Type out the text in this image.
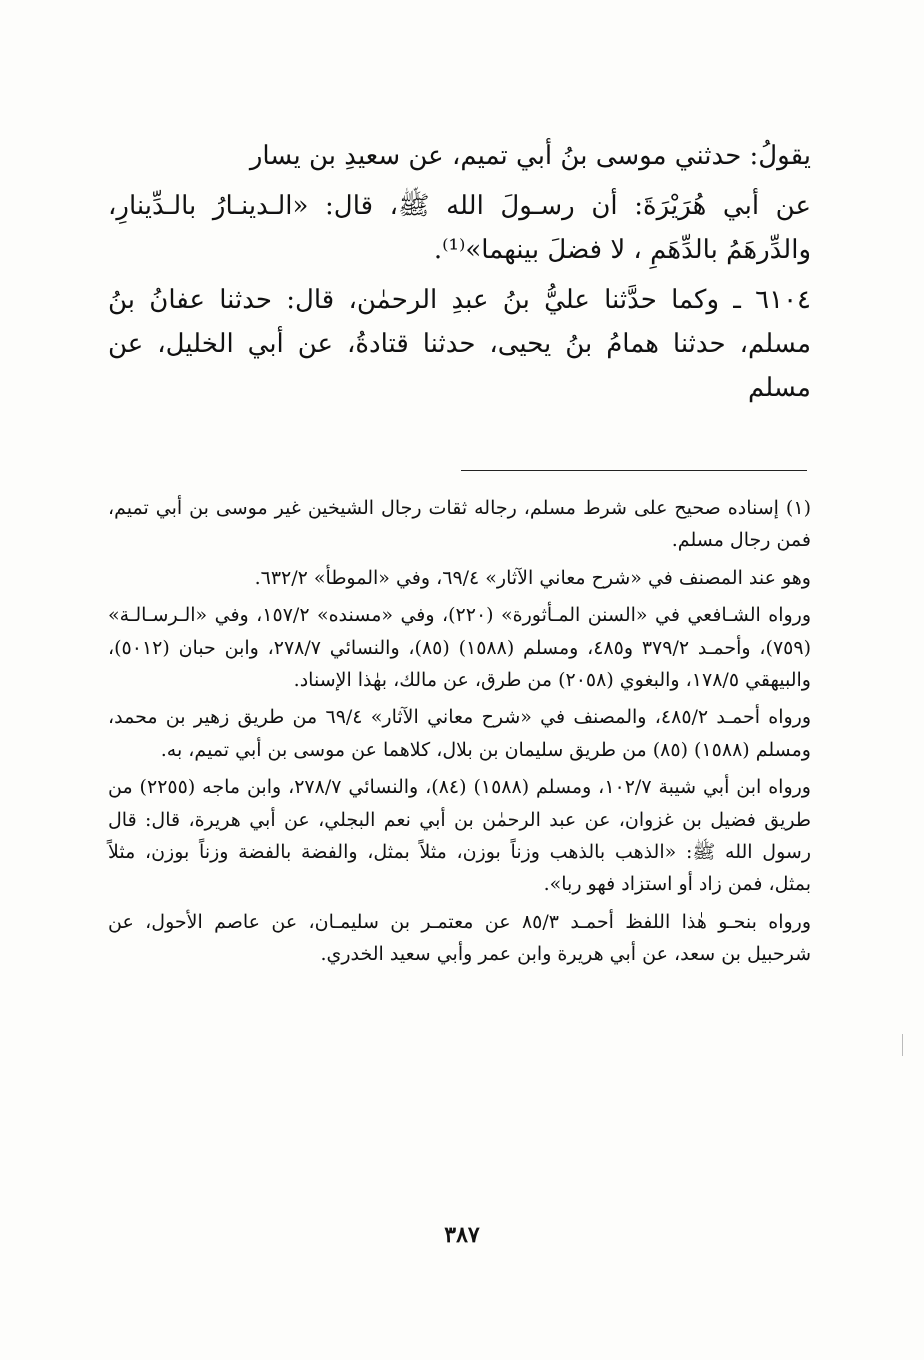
يقولُ: حدثني موسى بنُ أبي تميم، عن سعيدِ بن يسار

عن أبي هُرَيْرَةَ: أن رسـولَ الله ﷺ، قال: «الـدينـارُ بالـدِّينارِ، والدِّرهَمُ بالدِّهَمِ ، لا فضلَ بينهما»⁽¹⁾.

٦١٠٤ ـ وكما حدَّثنا عليُّ بنُ عبدِ الرحمٰن، قال: حدثنا عفانُ بنُ مسلم، حدثنا همامُ بنُ يحيى، حدثنا قتادةُ، عن أبي الخليل، عن مسلم

(١) إسناده صحيح على شرط مسلم، رجاله ثقات رجال الشيخين غير موسى بن أبي تميم، فمن رجال مسلم.

وهو عند المصنف في «شرح معاني الآثار» ٦٩/٤، وفي «الموطأ» ٦٣٢/٢.

ورواه الشـافعي في «السنن المـأثورة» (٢٢٠)، وفي «مسنده» ١٥٧/٢، وفي «الـرسـالـة» (٧٥٩)، وأحمـد ٣٧٩/٢ و٤٨٥، ومسلم (١٥٨٨) (٨٥)، والنسائي ٢٧٨/٧، وابن حبان (٥٠١٢)، والبيهقي ١٧٨/٥، والبغوي (٢٠٥٨) من طرق، عن مالك، بهٰذا الإسناد.

ورواه أحمـد ٤٨٥/٢، والمصنف في «شرح معاني الآثار» ٦٩/٤ من طريق زهير بن محمد، ومسلم (١٥٨٨) (٨٥) من طريق سليمان بن بلال، كلاهما عن موسى بن أبي تميم، به.

ورواه ابن أبي شيبة ١٠٢/٧، ومسلم (١٥٨٨) (٨٤)، والنسائي ٢٧٨/٧، وابن ماجه (٢٢٥٥) من طريق فضيل بن غزوان، عن عبد الرحمٰن بن أبي نعم البجلي، عن أبي هريرة، قال: قال رسول الله ﷺ: «الذهب بالذهب وزناً بوزن، مثلاً بمثل، والفضة بالفضة وزناً بوزن، مثلاً بمثل، فمن زاد أو استزاد فهو ربا».

ورواه بنحـو هٰذا اللفظ أحمـد ٨٥/٣ عن معتمـر بن سليمـان، عن عاصم الأحول، عن شرحبيل بن سعد، عن أبي هريرة وابن عمر وأبي سعيد الخدري.

٣٨٧
